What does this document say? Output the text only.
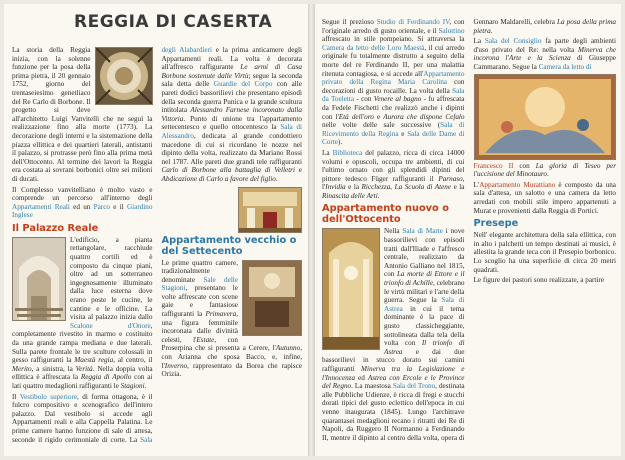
REGGIA DI CASERTA

La storia della Reggia inizia, con la solenne funzione per la posa della prima pietra, il 20 gennaio 1752, giorno del trentaseiesimo genetliaco del Re Carlo di Borbone. Il progetto si deve all'architetto Luigi Vanvitelli che ne seguì la realizzazione fino alla morte (1773). La decorazione degli interni e la sistemazione della piazza ellittica e dei quartieri laterali, antistanti il palazzo, si protrasse però fino alla prima metà dell'Ottocento. Al termine dei lavori la Reggia era costata ai sovrani borbonici oltre sei milioni di ducati.

Il Complesso vanvitelliano è molto vasto e comprende un percorso all'interno degli Appartamenti Reali ed un Parco e il Giardino Inglese

Il Palazzo Reale

L'edificio, a pianta rettangolare, racchiude quattro cortili ed è composto da cinque piani, oltre ad un sotterraneo ingegnosamente illuminato dalla luce esterna dove erano poste le cucine, le cantine e le officine. La visita al palazzo inizia dallo Scalone d'Onore, completamente rivestito in marmo e costituito da una grande rampa mediana e due laterali. Sulla parete frontale le tre sculture colossali in gesso raffiguranti la Maestà regia, al centro, il Merito, a sinistra, la Verità. Nella doppia volta ellittica è affrescata la Reggia di Apollo con ai lati quattro medaglioni raffiguranti le Stagioni.

Il Vestibolo superiore, di forma ottagona, è il fulcro compositivo e scenografico dell'intero palazzo. Dal vestibolo si accede agli Appartamenti reali e alla Cappella Palatina. Le prime camere hanno funzione di sale di attesa, seconde il rigido cerimoniale di corte. La Sala degli Alabardieri e la prima anticamere degli Appartamenti reali. La volta è decorata all'affresco raffigurante Le armi di Casa Borbone sostenute dalle Virtù; segue la seconda sala detta delle Guardie del Corpo con alle pareti dodici bassorilievi che presentano episodi della seconda guerra Punica e la grande scultura intitolata Alessandro Farnese incoronato dalla Vittoria. Punto di unione tra l'appartamento settecentesco e quello ottocentesco la Sala di Alessandro, dedicata al grande condottiero macedone di cui si ricordano le nozze nel dipinto della volta, realizzato da Mariano Rossi nel 1787. Alle pareti due grandi tele raffiguranti Carlo di Borbone alla battaglia di Velletri e Abdicazione di Carlo a favore del figlio.

Appartamento vecchio o del Settecento

Le prime quattro camere, tradizionalmente denominate Sale delle Stagioni, presentano le volte affrescate con scene gaie e fantasiose raffiguranti la Primavera, una figura femminile incoronata dalle divinità celesti, l'Estate, con Proserpina che si presenta a Cerere, l'Autunno, con Arianna che sposa Bacco, e, infine, l'Inverno, rappresentato da Borea che rapisce Orizia.

Segue il prezioso Studio di Ferdinando IV, con l'originale arredo di gusto orientale, e il Salottino affrescato in stile pompeiano. Si attraversa la Camera da letto delle Loro Maestà, il cui arredo originale fu totalmente distrutto a seguito della morte del re Ferdinando II, per una malattia ritenuta contagiosa, e si accede all'Appartamento privato della Regina Maria Carolina con decorazioni di gusto rocaille. La volta della Sala da Toeletta - con Venere al bagno - fu affrescata da Fedele Fischetti che realizzò anche i dipinti con l'Età dell'oro e Aurora che dispone Cefalo nelle volte delle sale successive (Sala di Ricevimento della Regina e Sala delle Dame di Corte).

La Biblioteca del palazzo, ricca di circa 14000 volumi e opuscoli, occupa tre ambienti, di cui l'ultimo ornato con gli splendidi dipinti del pittore tedesco Füger raffiguranti il Parnaso, l'Invidia e la Ricchezza, La Scuola di Atene e la Rinascita delle Arti.

Appartamento nuovo o dell'Ottocento

Nella Sala di Marte i nove bassorilievi con episodi tratti dall'Iliade e l'affresco centrale, realizzato da Antonio Galliano nel 1815, con La morte di Ettore e il trionfo di Achille, celebrano le virtù militari e l'arte della guerra. Segue la Sala di Astrea in cui il tema dominante è la pace di gusto classicheggiante, sottolineata dalla tela della volta con Il trionfo di Astrea e dai due bassorilievi in stucco dorato sui camini raffiguranti Minerva tra la Legislazione e l'Innocenza ed Astrea con Ercole e le Province del Regno. La maestosa Sala del Trono, destinata alle Pubbliche Udienze, è ricca di fregi e stucchi dorati tipici del gusto eclettico dell'epoca in cui venne inaugurata (1845). Lungo l'architrave quarantasei medaglioni recano i ritratti dei Re di Napoli, da Ruggero II Normanno a Ferdinando II, mentre il dipinto al centro della volta, opera di Gennaro Maldarelli, celebra La posa della prima pietra.

La Sala del Consiglio fa parte degli ambienti d'uso privato del Re: nella volta Minerva che incorona l'Arte e la Scienza di Giuseppe Cammarano. Segue la Camera da letto di

Francesco II con La gloria di Teseo per l'uccisione del Minotauro.

L'Appartamento Murattiano è composto da una sala d'attesa, un salotto e una camera da letto arredati con mobili stile impero appartenuti a Murat e provenienti dalla Reggia di Portici.

Presepe

Nell' elegante architettura della sala ellittica, con in alto i palchetti un tempo destinati ai musici, è allestita la grande teca con il Presepio borbonico. Lo scoglio ha una superficie di circa 20 metri quadrati.

Le figure dei pastori sono realizzate, a partire
